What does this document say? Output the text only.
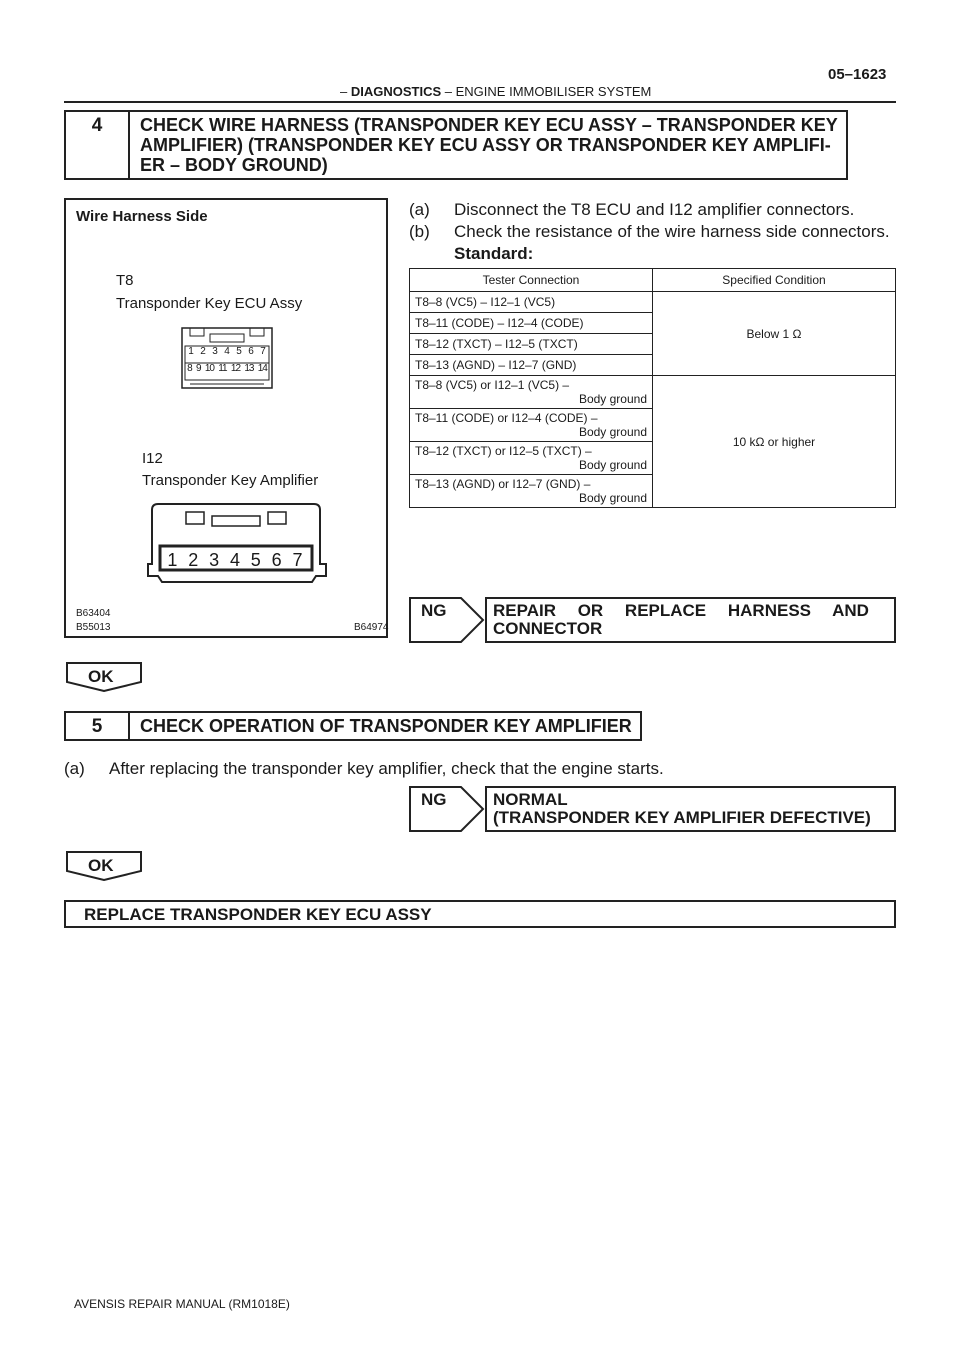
05–1623
– DIAGNOSTICS – ENGINE IMMOBILISER SYSTEM
4	CHECK WIRE HARNESS (TRANSPONDER KEY ECU ASSY – TRANSPONDER KEY
AMPLIFIER) (TRANSPONDER KEY ECU ASSY OR TRANSPONDER KEY AMPLIFI-
ER – BODY GROUND)
Wire Harness Side
T8
Transponder Key ECU Assy
1 2 3 4 5 6 7
8 9 10 11 12 13 14
I12
Transponder Key Amplifier
1 2 3 4 5 6 7
B63404
B55013	B64974
(a) Disconnect the T8 ECU and I12 amplifier connectors.
(b) Check the resistance of the wire harness side connectors.
Standard:
Tester Connection	Specified Condition
T8–8 (VC5) – I12–1 (VC5)	Below 1 Ω
T8–11 (CODE) – I12–4 (CODE)	
T8–12 (TXCT) – I12–5 (TXCT)	
T8–13 (AGND) – I12–7 (GND)	

T8–8 (VC5) or I12–1 (VC5) –
Body ground	10 kΩ or higher

T8–11 (CODE) or I12–4 (CODE) –
Body ground	

T8–12 (TXCT) or I12–5 (TXCT) –
Body ground	

T8–13 (AGND) or I12–7 (GND) –
Body ground	
NG	REPAIR OR REPLACE HARNESS AND
CONNECTOR
OK
5	CHECK OPERATION OF TRANSPONDER KEY AMPLIFIER
(a) After replacing the transponder key amplifier, check that the engine starts.
NG	NORMAL
(TRANSPONDER KEY AMPLIFIER DEFECTIVE)
OK
REPLACE TRANSPONDER KEY ECU ASSY
AVENSIS REPAIR MANUAL (RM1018E)
